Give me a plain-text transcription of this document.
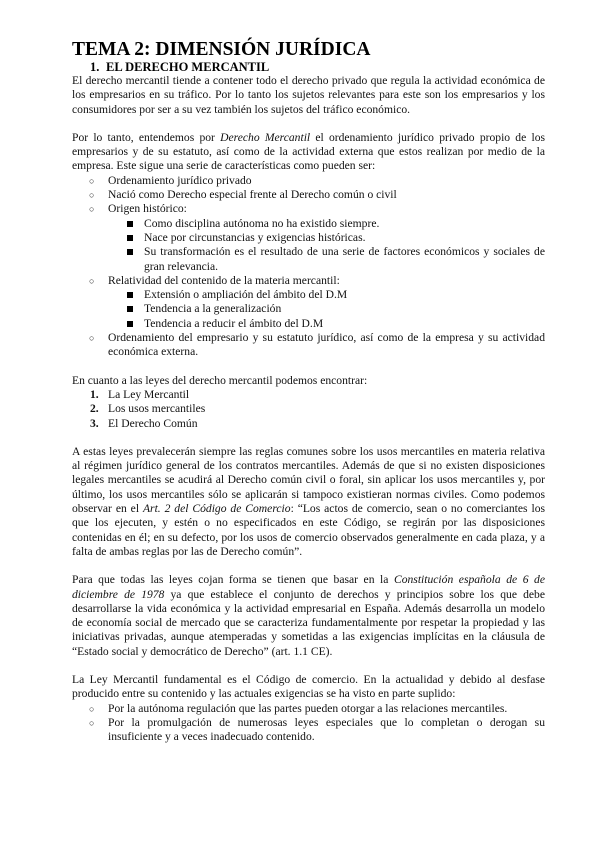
TEMA 2: DIMENSIÓN JURÍDICA
1. EL DERECHO MERCANTIL

El derecho mercantil tiende a contener todo el derecho privado que regula la actividad económica de los empresarios en su tráfico. Por lo tanto los sujetos relevantes para este son los empresarios y los consumidores por ser a su vez también los sujetos del tráfico económico.

Por lo tanto, entendemos por Derecho Mercantil el ordenamiento jurídico privado propio de los empresarios y de su estatuto, así como de la actividad externa que estos realizan por medio de la empresa. Este sigue una serie de características como pueden ser:

○ Ordenamiento jurídico privado
○ Nació como Derecho especial frente al Derecho común o civil
○ Origen histórico:
Como disciplina autónoma no ha existido siempre.
Nace por circunstancias y exigencias históricas.
Su transformación es el resultado de una serie de factores económicos y sociales de gran relevancia.
○ Relatividad del contenido de la materia mercantil:
Extensión o ampliación del ámbito del D.M
Tendencia a la generalización
Tendencia a reducir el ámbito del D.M
○ Ordenamiento del empresario y su estatuto jurídico, así como de la empresa y su actividad económica externa.

En cuanto a las leyes del derecho mercantil podemos encontrar:

1. La Ley Mercantil
2. Los usos mercantiles
3. El Derecho Común

A estas leyes prevalecerán siempre las reglas comunes sobre los usos mercantiles en materia relativa al régimen jurídico general de los contratos mercantiles. Además de que si no existen disposiciones legales mercantiles se acudirá al Derecho común civil o foral, sin aplicar los usos mercantiles y, por último, los usos mercantiles sólo se aplicarán si tampoco existieran normas civiles. Como podemos observar en el Art. 2 del Código de Comercio: “Los actos de comercio, sean o no comerciantes los que los ejecuten, y estén o no especificados en este Código, se regirán por las disposiciones contenidas en él; en su defecto, por los usos de comercio observados generalmente en cada plaza, y a falta de ambas reglas por las de Derecho común”.

Para que todas las leyes cojan forma se tienen que basar en la Constitución española de 6 de diciembre de 1978 ya que establece el conjunto de derechos y principios sobre los que debe desarrollarse la vida económica y la actividad empresarial en España. Además desarrolla un modelo de economía social de mercado que se caracteriza fundamentalmente por respetar la propiedad y las iniciativas privadas, aunque atemperadas y sometidas a las exigencias implícitas en la cláusula de “Estado social y democrático de Derecho” (art. 1.1 CE).

La Ley Mercantil fundamental es el Código de comercio. En la actualidad y debido al desfase producido entre su contenido y las actuales exigencias se ha visto en parte suplido:

○ Por la autónoma regulación que las partes pueden otorgar a las relaciones mercantiles.
○ Por la promulgación de numerosas leyes especiales que lo completan o derogan su insuficiente y a veces inadecuado contenido.
